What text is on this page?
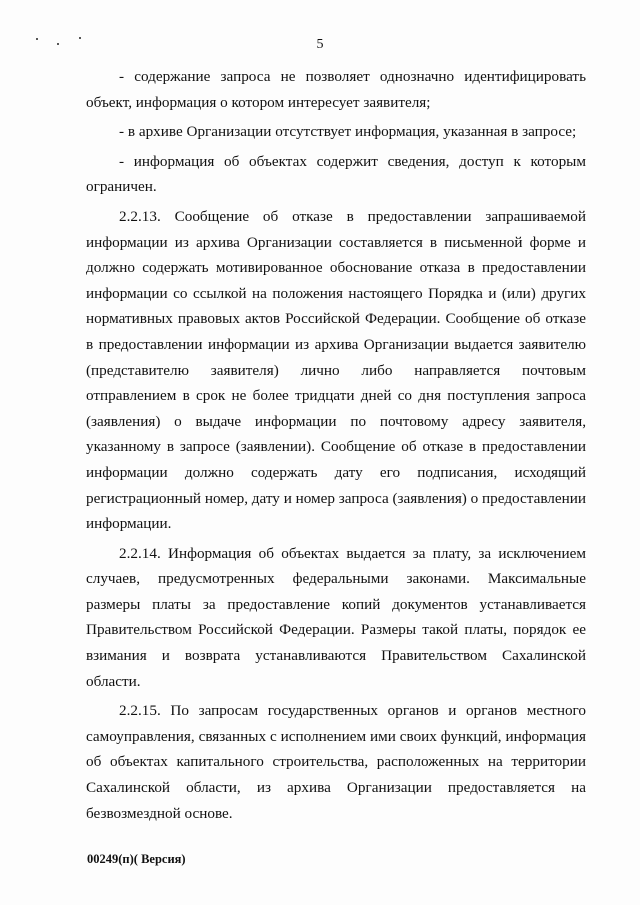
5

- содержание запроса не позволяет однозначно идентифицировать объект, информация о котором интересует заявителя;

- в архиве Организации отсутствует информация, указанная в запросе;

- информация об объектах содержит сведения, доступ к которым ограничен.

2.2.13. Сообщение об отказе в предоставлении запрашиваемой информации из архива Организации составляется в письменной форме и должно содержать мотивированное обоснование отказа в предоставлении информации со ссылкой на положения настоящего Порядка и (или) других нормативных правовых актов Российской Федерации. Сообщение об отказе в предоставлении информации из архива Организации выдается заявителю (представителю заявителя) лично либо направляется почтовым отправлением в срок не более тридцати дней со дня поступления запроса (заявления) о выдаче информации по почтовому адресу заявителя, указанному в запросе (заявлении). Сообщение об отказе в предоставлении информации должно содержать дату его подписания, исходящий регистрационный номер, дату и номер запроса (заявления) о предоставлении информации.

2.2.14. Информация об объектах выдается за плату, за исключением случаев, предусмотренных федеральными законами. Максимальные размеры платы за предоставление копий документов устанавливается Правительством Российской Федерации. Размеры такой платы, порядок ее взимания и возврата устанавливаются Правительством Сахалинской области.

2.2.15. По запросам государственных органов и органов местного самоуправления, связанных с исполнением ими своих функций, информация об объектах капитального строительства, расположенных на территории Сахалинской области, из архива Организации предоставляется на безвозмездной основе.

00249(п)( Версия)
